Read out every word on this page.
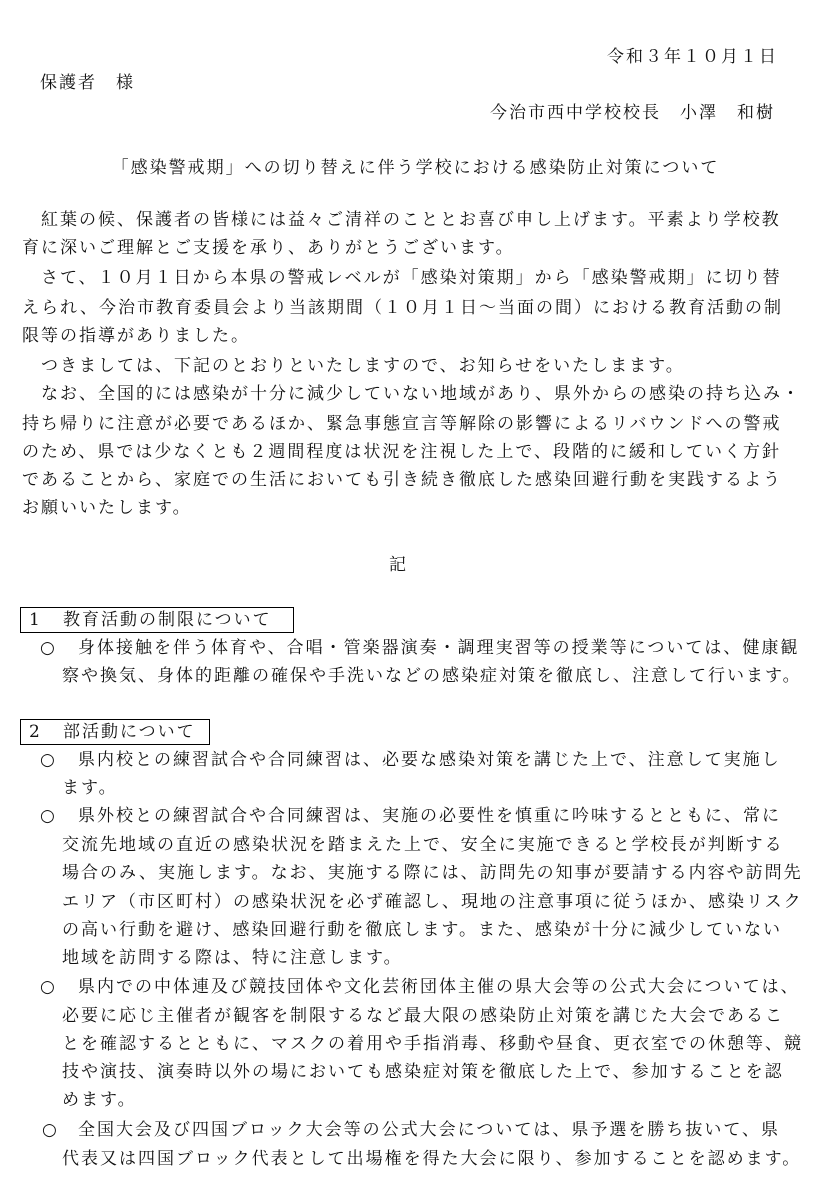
令和３年１０月１日
保護者　様
今治市西中学校校長　小澤　和樹
「感染警戒期」への切り替えに伴う学校における感染防止対策について
　紅葉の候、保護者の皆様には益々ご清祥のこととお喜び申し上げます。平素より学校教
育に深いご理解とご支援を承り、ありがとうございます。
　さて、１０月１日から本県の警戒レベルが「感染対策期」から「感染警戒期」に切り替
えられ、今治市教育委員会より当該期間（１０月１日～当面の間）における教育活動の制
限等の指導がありました。
　つきましては、下記のとおりといたしますので、お知らせをいたしまます。
　なお、全国的には感染が十分に減少していない地域があり、県外からの感染の持ち込み・
持ち帰りに注意が必要であるほか、緊急事態宣言等解除の影響によるリバウンドへの警戒
のため、県では少なくとも２週間程度は状況を注視した上で、段階的に緩和していく方針
であることから、家庭での生活においても引き続き徹底した感染回避行動を実践するよう
お願いいたします。
記
1 教育活動の制限について
○ 身体接触を伴う体育や、合唱・管楽器演奏・調理実習等の授業等については、健康観
察や換気、身体的距離の確保や手洗いなどの感染症対策を徹底し、注意して行います。
2 部活動について
○ 県内校との練習試合や合同練習は、必要な感染対策を講じた上で、注意して実施し
ます。
○ 県外校との練習試合や合同練習は、実施の必要性を慎重に吟味するとともに、常に
交流先地域の直近の感染状況を踏まえた上で、安全に実施できると学校長が判断する
場合のみ、実施します。なお、実施する際には、訪問先の知事が要請する内容や訪問先
エリア（市区町村）の感染状況を必ず確認し、現地の注意事項に従うほか、感染リスク
の高い行動を避け、感染回避行動を徹底します。また、感染が十分に減少していない
地域を訪問する際は、特に注意します。
○ 県内での中体連及び競技団体や文化芸術団体主催の県大会等の公式大会については、
必要に応じ主催者が観客を制限するなど最大限の感染防止対策を講じた大会であるこ
とを確認するとともに、マスクの着用や手指消毒、移動や昼食、更衣室での休憩等、競
技や演技、演奏時以外の場においても感染症対策を徹底した上で、参加することを認
めます。
○ 全国大会及び四国ブロック大会等の公式大会については、県予選を勝ち抜いて、県
代表又は四国ブロック代表として出場権を得た大会に限り、参加することを認めます。
